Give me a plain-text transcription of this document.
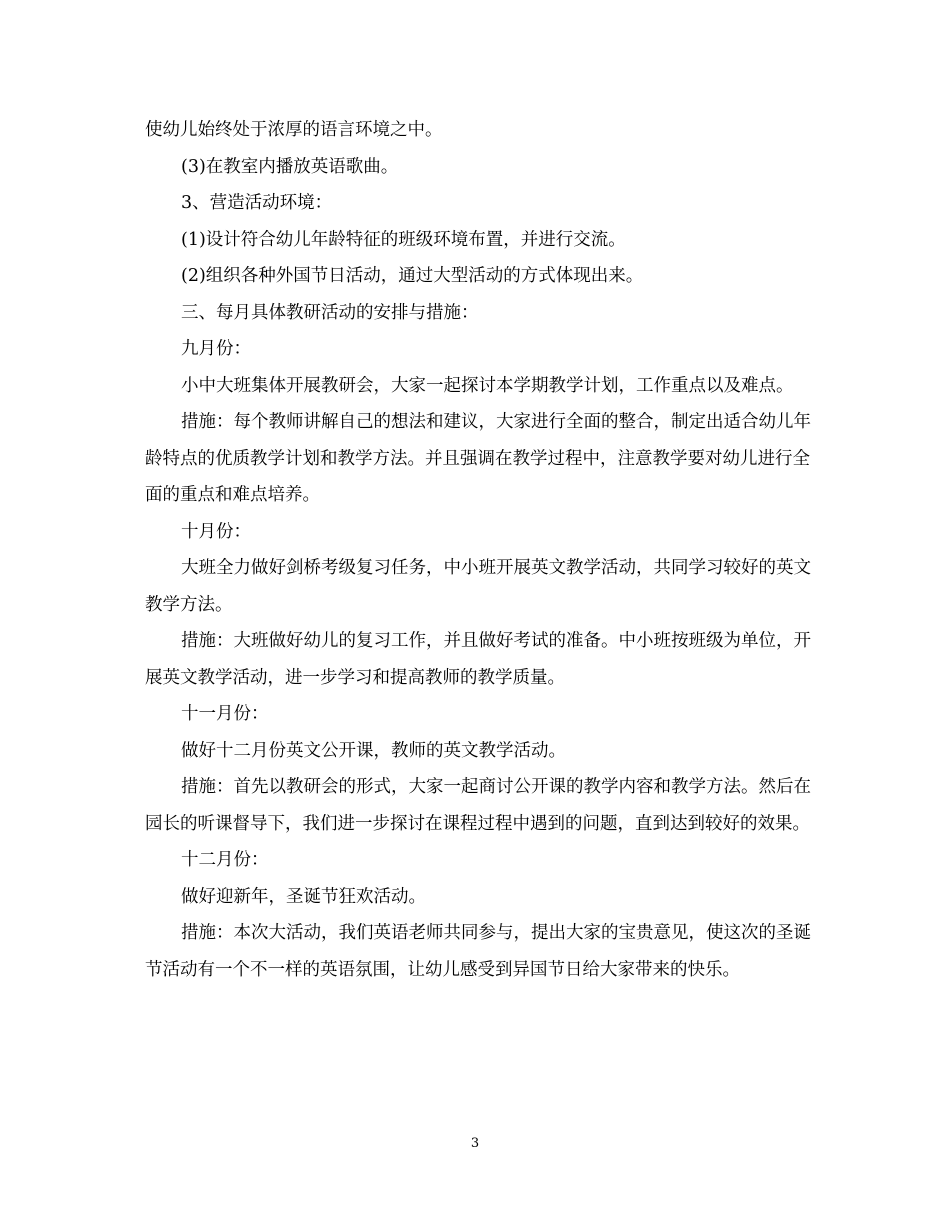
使幼儿始终处于浓厚的语言环境之中。

(3)在教室内播放英语歌曲。

3、营造活动环境：

(1)设计符合幼儿年龄特征的班级环境布置，并进行交流。

(2)组织各种外国节日活动，通过大型活动的方式体现出来。

三、每月具体教研活动的安排与措施：

九月份：

小中大班集体开展教研会，大家一起探讨本学期教学计划，工作重点以及难点。

措施：每个教师讲解自己的想法和建议，大家进行全面的整合，制定出适合幼儿年龄特点的优质教学计划和教学方法。并且强调在教学过程中，注意教学要对幼儿进行全面的重点和难点培养。

十月份：

大班全力做好剑桥考级复习任务，中小班开展英文教学活动，共同学习较好的英文教学方法。

措施：大班做好幼儿的复习工作，并且做好考试的准备。中小班按班级为单位，开展英文教学活动，进一步学习和提高教师的教学质量。

十一月份：

做好十二月份英文公开课，教师的英文教学活动。

措施：首先以教研会的形式，大家一起商讨公开课的教学内容和教学方法。然后在园长的听课督导下，我们进一步探讨在课程过程中遇到的问题，直到达到较好的效果。

十二月份：

做好迎新年，圣诞节狂欢活动。

措施：本次大活动，我们英语老师共同参与，提出大家的宝贵意见，使这次的圣诞节活动有一个不一样的英语氛围，让幼儿感受到异国节日给大家带来的快乐。

3
